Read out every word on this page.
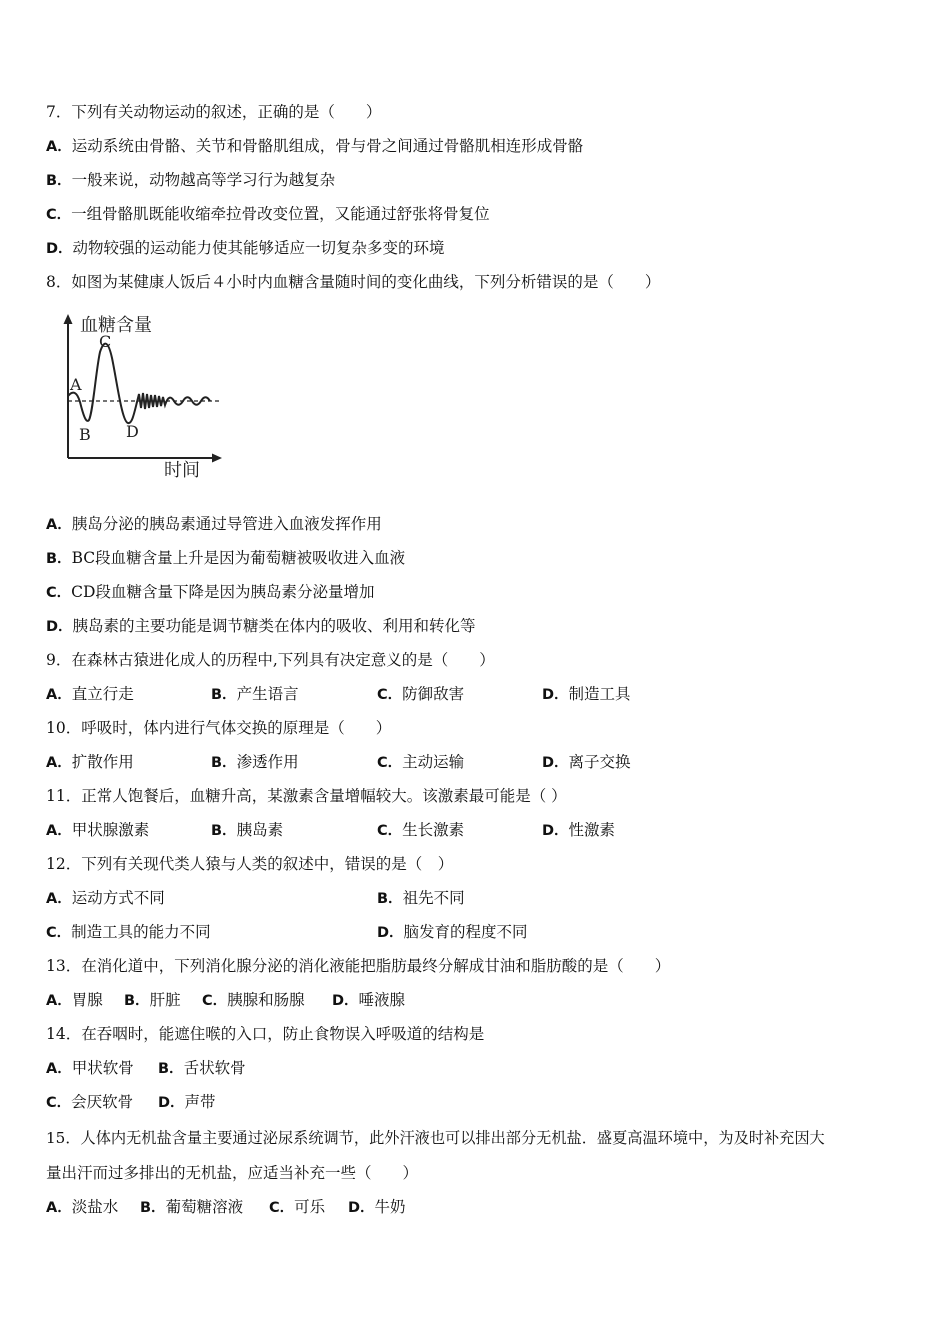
7．下列有关动物运动的叙述，正确的是（　　）
A．运动系统由骨骼、关节和骨骼肌组成，骨与骨之间通过骨骼肌相连形成骨骼
B．一般来说，动物越高等学习行为越复杂
C．一组骨骼肌既能收缩牵拉骨改变位置，又能通过舒张将骨复位
D．动物较强的运动能力使其能够适应一切复杂多变的环境
8．如图为某健康人饭后４小时内血糖含量随时间的变化曲线，下列分析错误的是（　　）
血糖含量
时间
A
B
C
D
A．胰岛分泌的胰岛素通过导管进入血液发挥作用
B．BC段血糖含量上升是因为葡萄糖被吸收进入血液
C．CD段血糖含量下降是因为胰岛素分泌量增加
D．胰岛素的主要功能是调节糖类在体内的吸收、利用和转化等
9．在森林古猿进化成人的历程中,下列具有决定意义的是（　　）
A．直立行走	B．产生语言	C．防御敌害	D．制造工具
10．呼吸时，体内进行气体交换的原理是（　　）
A．扩散作用	B．渗透作用	C．主动运输	D．离子交换
11．正常人饱餐后，血糖升高，某激素含量增幅较大。该激素最可能是（ ）
A．甲状腺激素	B．胰岛素	C．生长激素	D．性激素
12．下列有关现代类人猿与人类的叙述中，错误的是（　）
A．运动方式不同	B．祖先不同
C．制造工具的能力不同	D．脑发育的程度不同
13．在消化道中，下列消化腺分泌的消化液能把脂肪最终分解成甘油和脂肪酸的是（　　）
A．胃腺 B．肝脏 C．胰腺和肠腺 D．唾液腺
14．在吞咽时，能遮住喉的入口，防止食物误入呼吸道的结构是
A．甲状软骨 B．舌状软骨
C．会厌软骨 D．声带
15．人体内无机盐含量主要通过泌尿系统调节，此外汗液也可以排出部分无机盐．盛夏高温环境中，为及时补充因大
量出汗而过多排出的无机盐，应适当补充一些（　　）
A．淡盐水 B．葡萄糖溶液 C．可乐 D．牛奶
